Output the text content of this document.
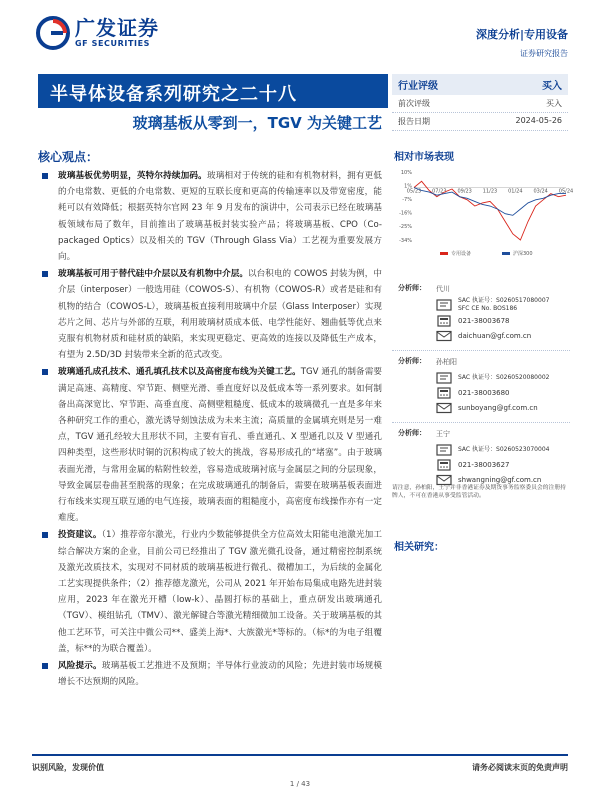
广发证券
GF SECURITIES
深度分析|专用设备
证券研究报告
半导体设备系列研究之二十八
玻璃基板从零到一，TGV 为关键工艺
行业评级	买入
前次评级	买入
报告日期	2024-05-26
核心观点：
玻璃基板优势明显，英特尔持续加码。玻璃相对于传统的硅和有机物材料，拥有更低的介电常数、更低的介电常数、更短的互联长度和更高的传输速率以及带宽密度，能耗可以有效降低；根据英特尔官网 23 年 9 月发布的演讲中，公司表示已经在玻璃基板领域布局了数年，目前推出了玻璃基板封装实验产品；将玻璃基板、CPO（Co-packaged Optics）以及相关的 TGV（Through Glass Via）工艺视为重要发展方向。
玻璃基板可用于替代硅中介层以及有机物中介层。以台积电的 COWOS 封装为例，中介层（interposer）一般选用硅（COWOS-S）、有机物（COWOS-R）或者是硅和有机物的结合（COWOS-L），玻璃基板直接利用玻璃中介层（Glass Interposer）实现芯片之间、芯片与外部的互联，利用玻璃材质成本低、电学性能好、翘曲低等优点来克服有机物材质和硅材质的缺陷，来实现更稳定、更高效的连接以及降低生产成本，有望为 2.5D/3D 封装带来全新的范式改变。
玻璃通孔成孔技术、通孔填孔技术以及高密度布线为关键工艺。TGV 通孔的制备需要满足高速、高精度、窄节距、侧壁光滑、垂直度好以及低成本等一系列要求。如何制备出高深宽比、窄节距、高垂直度、高侧壁粗糙度、低成本的玻璃微孔一直是多年来各种研究工作的重心，激光诱导刻蚀法成为未来主流；高质量的金属填充则是另一难点，TGV 通孔经较大且形状不同，主要有盲孔、垂直通孔、X 型通孔以及 V 型通孔四种类型，这些形状时铜的沉积构成了较大的挑战，容易形成孔的“堵塞”。由于玻璃表面光滑，与常用金属的粘附性较差，容易造成玻璃衬底与金属层之间的分层现象，导致金属层卷曲甚至脱落的现象；在完成玻璃通孔的制备后，需要在玻璃基板表面进行布线来实现互联互通的电气连接，玻璃表面的粗糙度小，高密度布线操作亦有一定难度。
投资建议。（1）推荐帝尔激光，行业内少数能够提供全方位高效太阳能电池激光加工综合解决方案的企业，目前公司已经推出了 TGV 激光微孔设备，通过精密控制系统及激光改质技术，实现对不同材质的玻璃基板进行微孔、微槽加工，为后续的金属化工艺实现提供条件；（2）推荐德龙激光，公司从 2021 年开始布局集成电路先进封装应用，2023 年在激光开槽（low-k）、晶圆打标的基础上，重点研发出玻璃通孔（TGV）、模组钻孔（TMV）、激光解键合等激光精细微加工设备。关于玻璃基板的其他工艺环节，可关注中微公司**、盛美上海*、大族激光*等标的。（标*的为电子组覆盖，标**的为联合覆盖）。
风险提示。玻璃基板工艺推进不及预期；半导体行业波动的风险；先进封装市场规模增长不达预期的风险。
相对市场表现
10%
1%
-7%
-16%
-25%
-34%
05/23 07/23 09/23 11/23 01/24 03/24 05/24
专用设备	沪深300
分析师：	代川
SAC 执证号：S0260517080007
SFC CE No. BOS186
021-38003678
daichuan@gf.com.cn
分析师：	孙柏阳
SAC 执证号：S0260520080002
021-38003680
sunboyang@gf.com.cn
分析师：	王宁
SAC 执证号：S0260523070004
021-38003627
shwangning@gf.com.cn
请注意，孙柏阳，王宁并非香港证券及期货事务监察委员会的注册持牌人，不可在香港从事受监管活动。
相关研究：
识别风险，发现价值	请务必阅读末页的免责声明
1 / 43
